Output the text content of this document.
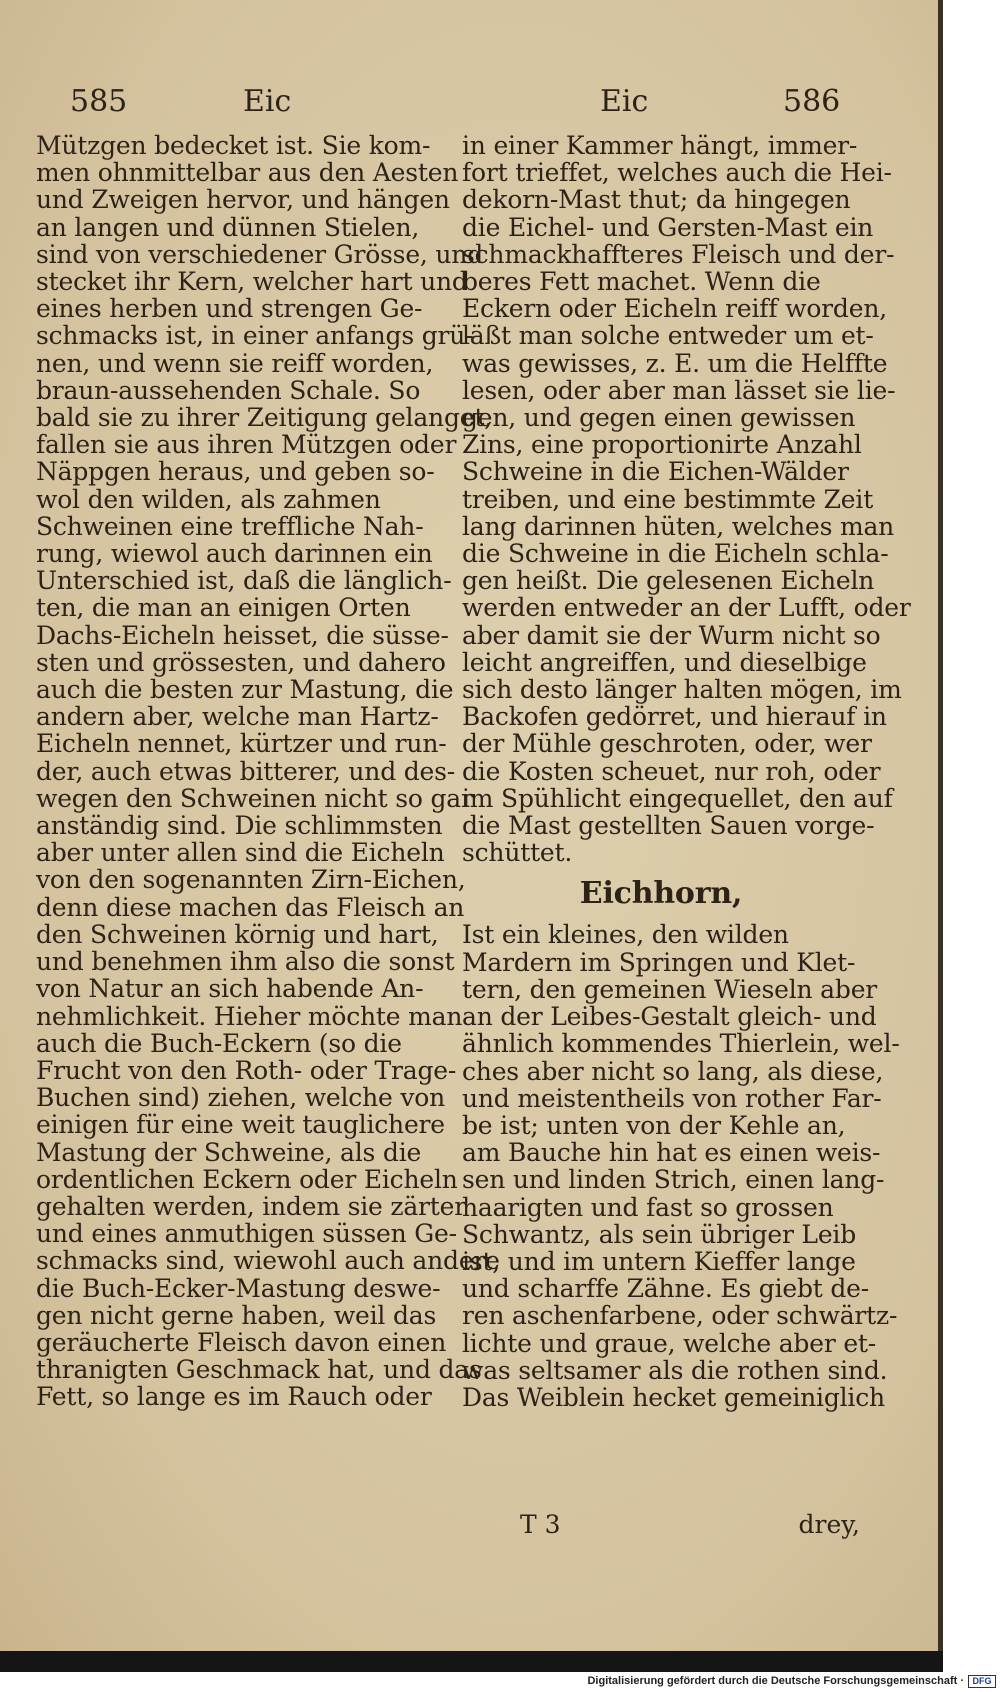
585	Eic	Eic	586
Mützgen bedecket ist. Sie kom-
men ohnmittelbar aus den Aesten
und Zweigen hervor, und hängen
an langen und dünnen Stielen,
sind von verschiedener Grösse, und
stecket ihr Kern, welcher hart und
eines herben und strengen Ge-
schmacks ist, in einer anfangs grü-
nen, und wenn sie reiff worden,
braun-aussehenden Schale. So
bald sie zu ihrer Zeitigung gelanget,
fallen sie aus ihren Mützgen oder
Näppgen heraus, und geben so-
wol den wilden, als zahmen
Schweinen eine treffliche Nah-
rung, wiewol auch darinnen ein
Unterschied ist, daß die länglich-
ten, die man an einigen Orten
Dachs-Eicheln heisset, die süsse-
sten und grössesten, und dahero
auch die besten zur Mastung, die
andern aber, welche man Hartz-
Eicheln nennet, kürtzer und run-
der, auch etwas bitterer, und des-
wegen den Schweinen nicht so gar
anständig sind. Die schlimmsten
aber unter allen sind die Eicheln
von den sogenannten Zirn-Eichen,
denn diese machen das Fleisch an
den Schweinen körnig und hart,
und benehmen ihm also die sonst
von Natur an sich habende An-
nehmlichkeit. Hieher möchte man
auch die Buch-Eckern (so die
Frucht von den Roth- oder Trage-
Buchen sind) ziehen, welche von
einigen für eine weit tauglichere
Mastung der Schweine, als die
ordentlichen Eckern oder Eicheln
gehalten werden, indem sie zärter
und eines anmuthigen süssen Ge-
schmacks sind, wiewohl auch andere
die Buch-Ecker-Mastung deswe-
gen nicht gerne haben, weil das
geräucherte Fleisch davon einen
thranigten Geschmack hat, und das
Fett, so lange es im Rauch oder
in einer Kammer hängt, immer-
fort trieffet, welches auch die Hei-
dekorn-Mast thut; da hingegen
die Eichel- und Gersten-Mast ein
schmackhaffteres Fleisch und der-
beres Fett machet. Wenn die
Eckern oder Eicheln reiff worden,
läßt man solche entweder um et-
was gewisses, z. E. um die Helffte
lesen, oder aber man lässet sie lie-
gen, und gegen einen gewissen
Zins, eine proportionirte Anzahl
Schweine in die Eichen-Wälder
treiben, und eine bestimmte Zeit
lang darinnen hüten, welches man
die Schweine in die Eicheln schla-
gen heißt. Die gelesenen Eicheln
werden entweder an der Lufft, oder
aber damit sie der Wurm nicht so
leicht angreiffen, und dieselbige
sich desto länger halten mögen, im
Backofen gedörret, und hierauf in
der Mühle geschroten, oder, wer
die Kosten scheuet, nur roh, oder
im Spühlicht eingequellet, den auf
die Mast gestellten Sauen vorge-
schüttet.
Eichhorn,
Ist ein kleines, den wilden
Mardern im Springen und Klet-
tern, den gemeinen Wieseln aber
an der Leibes-Gestalt gleich- und
ähnlich kommendes Thierlein, wel-
ches aber nicht so lang, als diese,
und meistentheils von rother Far-
be ist; unten von der Kehle an,
am Bauche hin hat es einen weis-
sen und linden Strich, einen lang-
haarigten und fast so grossen
Schwantz, als sein übriger Leib
ist, und im untern Kieffer lange
und scharffe Zähne. Es giebt de-
ren aschenfarbene, oder schwärtz-
lichte und graue, welche aber et-
was seltsamer als die rothen sind.
Das Weiblein hecket gemeiniglich
T 3	drey,
Digitalisierung gefördert durch die Deutsche Forschungsgemeinschaft · DFG
